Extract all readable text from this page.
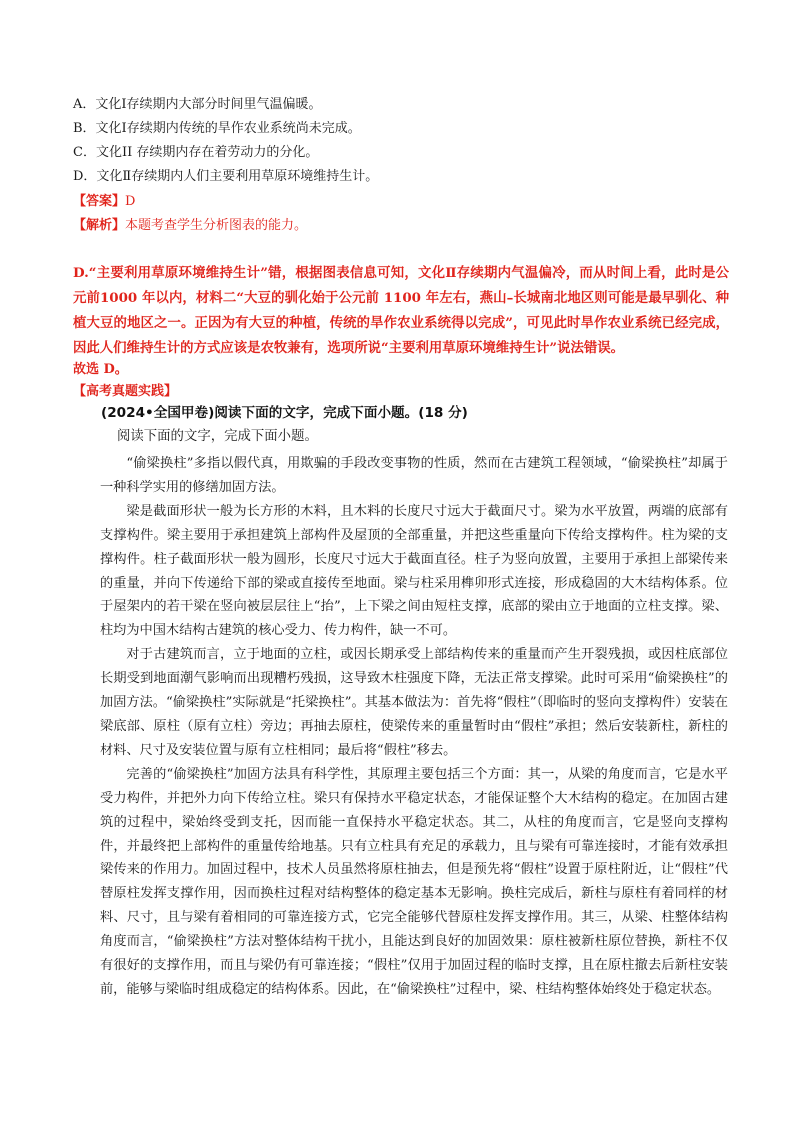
A．文化Ⅰ存续期内大部分时间里气温偏暖。
B．文化Ⅰ存续期内传统的旱作农业系统尚未完成。
C．文化II 存续期内存在着劳动力的分化。
D．文化Ⅱ存续期内人们主要利用草原环境维持生计。
【答案】D
【解析】本题考查学生分析图表的能力。
D.“主要利用草原环境维持生计”错，根据图表信息可知，文化Ⅱ存续期内气温偏冷，而从时间上看，此时是公元前1000 年以内，材料二“大豆的驯化始于公元前 1100 年左右，燕山–长城南北地区则可能是最早驯化、种植大豆的地区之一。正因为有大豆的种植，传统的旱作农业系统得以完成”，可见此时旱作农业系统已经完成，因此人们维持生计的方式应该是农牧兼有，选项所说“主要利用草原环境维持生计”说法错误。
故选 D。
【高考真题实践】
(2024•全国甲卷)阅读下面的文字，完成下面小题。(18 分)
阅读下面的文字，完成下面小题。

“偷梁换柱”多指以假代真，用欺骗的手段改变事物的性质，然而在古建筑工程领域，“偷梁换柱”却属于一种科学实用的修缮加固方法。

梁是截面形状一般为长方形的木料，且木料的长度尺寸远大于截面尺寸。梁为水平放置，两端的底部有支撑构件。梁主要用于承担建筑上部构件及屋顶的全部重量，并把这些重量向下传给支撑构件。柱为梁的支撑构件。柱子截面形状一般为圆形，长度尺寸远大于截面直径。柱子为竖向放置，主要用于承担上部梁传来的重量，并向下传递给下部的梁或直接传至地面。梁与柱采用榫卯形式连接，形成稳固的大木结构体系。位于屋架内的若干梁在竖向被层层往上“抬”，上下梁之间由短柱支撑，底部的梁由立于地面的立柱支撑。梁、柱均为中国木结构古建筑的核心受力、传力构件，缺一不可。

对于古建筑而言，立于地面的立柱，或因长期承受上部结构传来的重量而产生开裂残损，或因柱底部位长期受到地面潮气影响而出现糟朽残损，这导致木柱强度下降，无法正常支撑梁。此时可采用“偷梁换柱”的加固方法。“偷梁换柱”实际就是“托梁换柱”。其基本做法为：首先将“假柱”（即临时的竖向支撑构件）安装在梁底部、原柱（原有立柱）旁边；再抽去原柱，使梁传来的重量暂时由“假柱”承担；然后安装新柱，新柱的材料、尺寸及安装位置与原有立柱相同；最后将“假柱”移去。

完善的“偷梁换柱”加固方法具有科学性，其原理主要包括三个方面：其一，从梁的角度而言，它是水平受力构件，并把外力向下传给立柱。梁只有保持水平稳定状态，才能保证整个大木结构的稳定。在加固古建筑的过程中，梁始终受到支托，因而能一直保持水平稳定状态。其二，从柱的角度而言，它是竖向支撑构件，并最终把上部构件的重量传给地基。只有立柱具有充足的承载力，且与梁有可靠连接时，才能有效承担梁传来的作用力。加固过程中，技术人员虽然将原柱抽去，但是预先将“假柱”设置于原柱附近，让“假柱”代替原柱发挥支撑作用，因而换柱过程对结构整体的稳定基本无影响。换柱完成后，新柱与原柱有着同样的材料、尺寸，且与梁有着相同的可靠连接方式，它完全能够代替原柱发挥支撑作用。其三，从梁、柱整体结构角度而言，“偷梁换柱”方法对整体结构干扰小，且能达到良好的加固效果：原柱被新柱原位替换，新柱不仅有很好的支撑作用，而且与梁仍有可靠连接；“假柱”仅用于加固过程的临时支撑，且在原柱撤去后新柱安装前，能够与梁临时组成稳定的结构体系。因此，在“偷梁换柱”过程中，梁、柱结构整体始终处于稳定状态。
